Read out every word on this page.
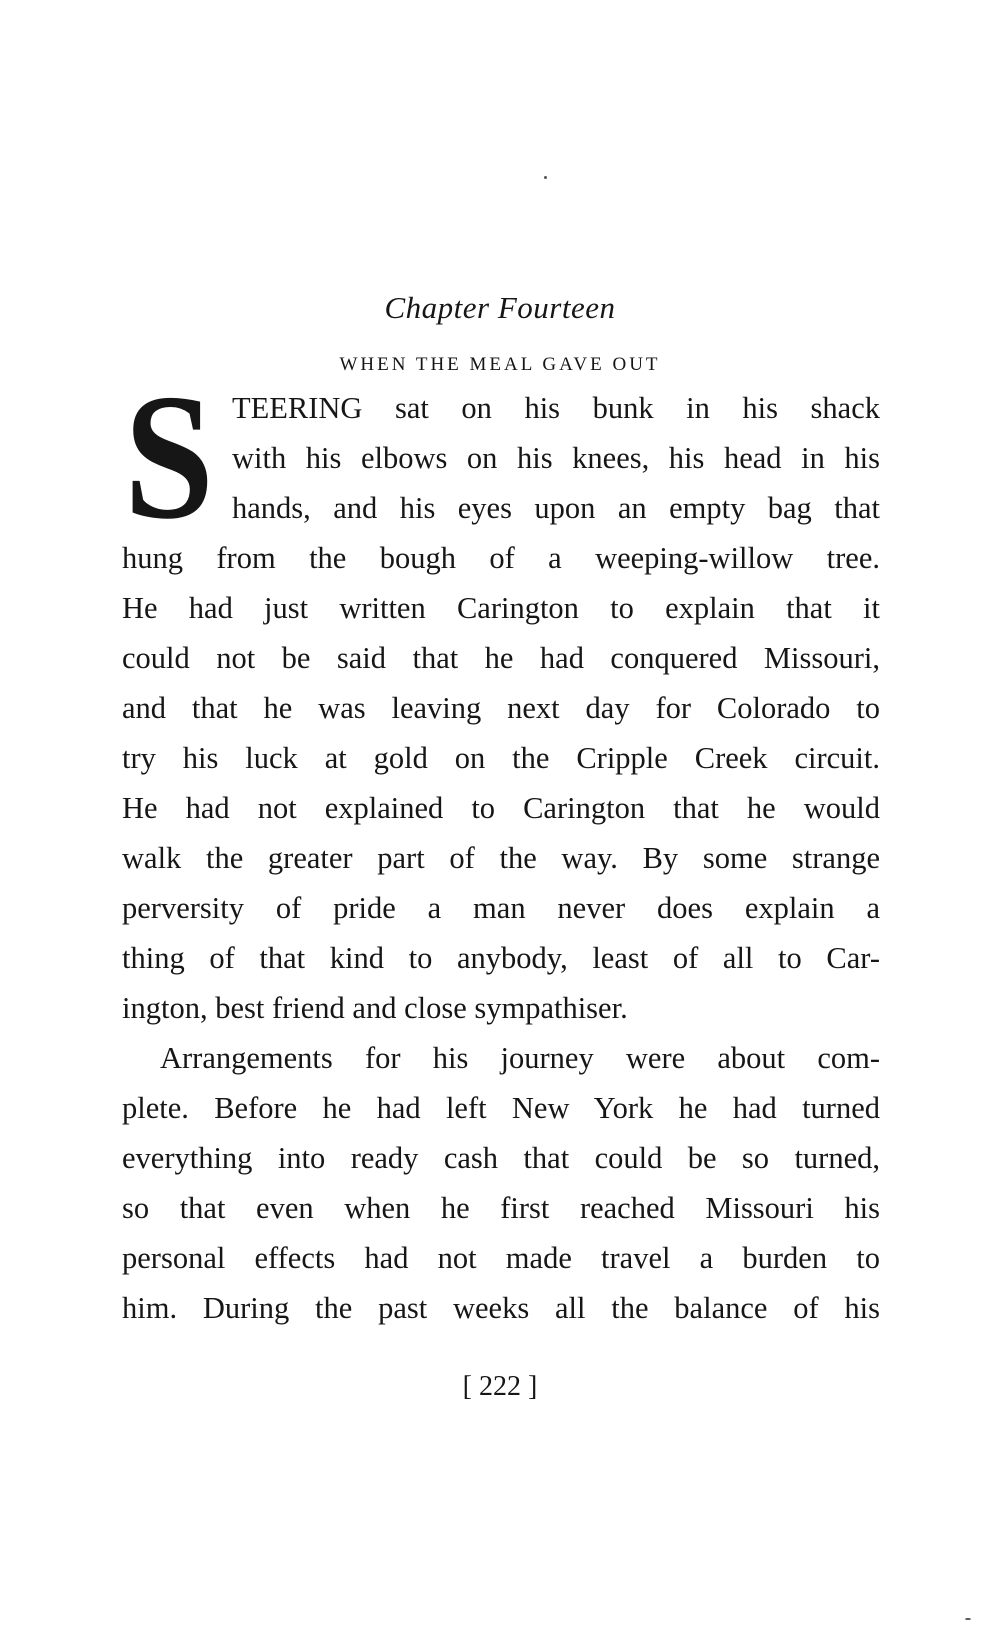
Chapter Fourteen
WHEN THE MEAL GAVE OUT
S TEERING sat on his bunk in his shack
with his elbows on his knees, his head in his
hands, and his eyes upon an empty bag that
hung from the bough of a weeping-willow tree.
He had just written Carington to explain that it
could not be said that he had conquered Missouri,
and that he was leaving next day for Colorado to
try his luck at gold on the Cripple Creek circuit.
He had not explained to Carington that he would
walk the greater part of the way. By some strange
perversity of pride a man never does explain a
thing of that kind to anybody, least of all to Car-
ington, best friend and close sympathiser.
Arrangements for his journey were about com-
plete. Before he had left New York he had turned
everything into ready cash that could be so turned,
so that even when he first reached Missouri his
personal effects had not made travel a burden to
him. During the past weeks all the balance of his
[ 222 ]
